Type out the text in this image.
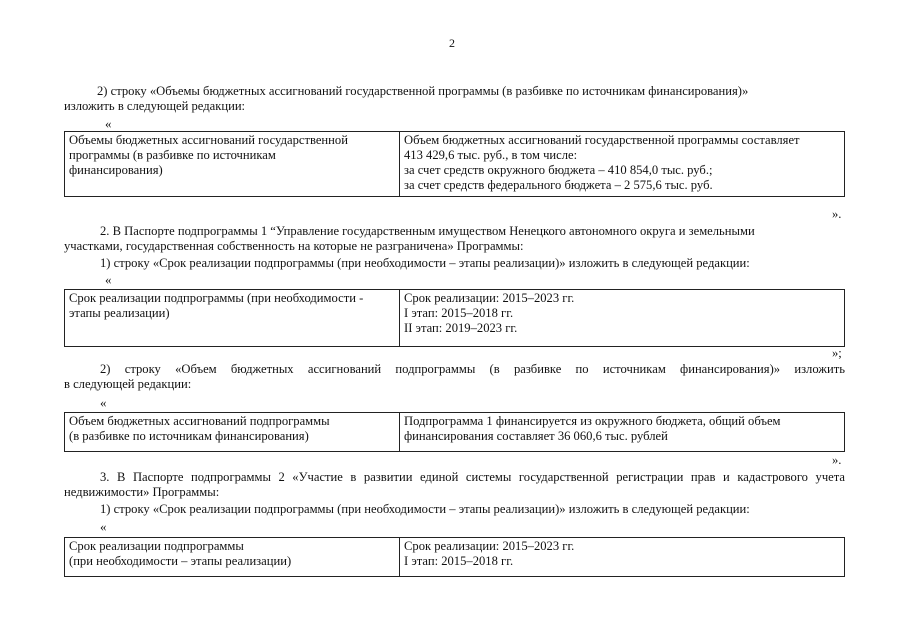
2
2) строку «Объемы бюджетных ассигнований государственной программы (в разбивке по источникам финансирования)»
изложить в следующей редакции:
«
Объемы бюджетных ассигнований государственной
программы (в разбивке по источникам
финансирования)

Объем бюджетных ассигнований государственной программы составляет
413 429,6 тыс. руб., в том числе:
за счет средств окружного бюджета – 410 854,0 тыс. руб.;
за счет средств федерального бюджета – 2 575,6 тыс. руб.
».
2. В Паспорте подпрограммы 1 “Управление государственным имуществом Ненецкого автономного округа и земельными
участками, государственная собственность на которые не разграничена» Программы:
1) строку «Срок реализации подпрограммы (при необходимости – этапы реализации)» изложить в следующей редакции:
«
Срок реализации подпрограммы (при необходимости -
этапы реализации)

Срок реализации: 2015–2023 гг.
I этап: 2015–2018 гг.
II этап: 2019–2023 гг.
»;
2) строку «Объем бюджетных ассигнований подпрограммы (в разбивке по источникам финансирования)» изложить
в следующей редакции:
«
Объем бюджетных ассигнований подпрограммы
(в разбивке по источникам финансирования)

Подпрограмма 1 финансируется из окружного бюджета, общий объем
финансирования составляет 36 060,6 тыс. рублей
».
3. В Паспорте подпрограммы 2 «Участие в развитии единой системы государственной регистрации прав и кадастрового учета
недвижимости» Программы:
1) строку «Срок реализации подпрограммы (при необходимости – этапы реализации)» изложить в следующей редакции:
«
Срок реализации подпрограммы
(при необходимости – этапы реализации)

Срок реализации: 2015–2023 гг.
I этап: 2015–2018 гг.
